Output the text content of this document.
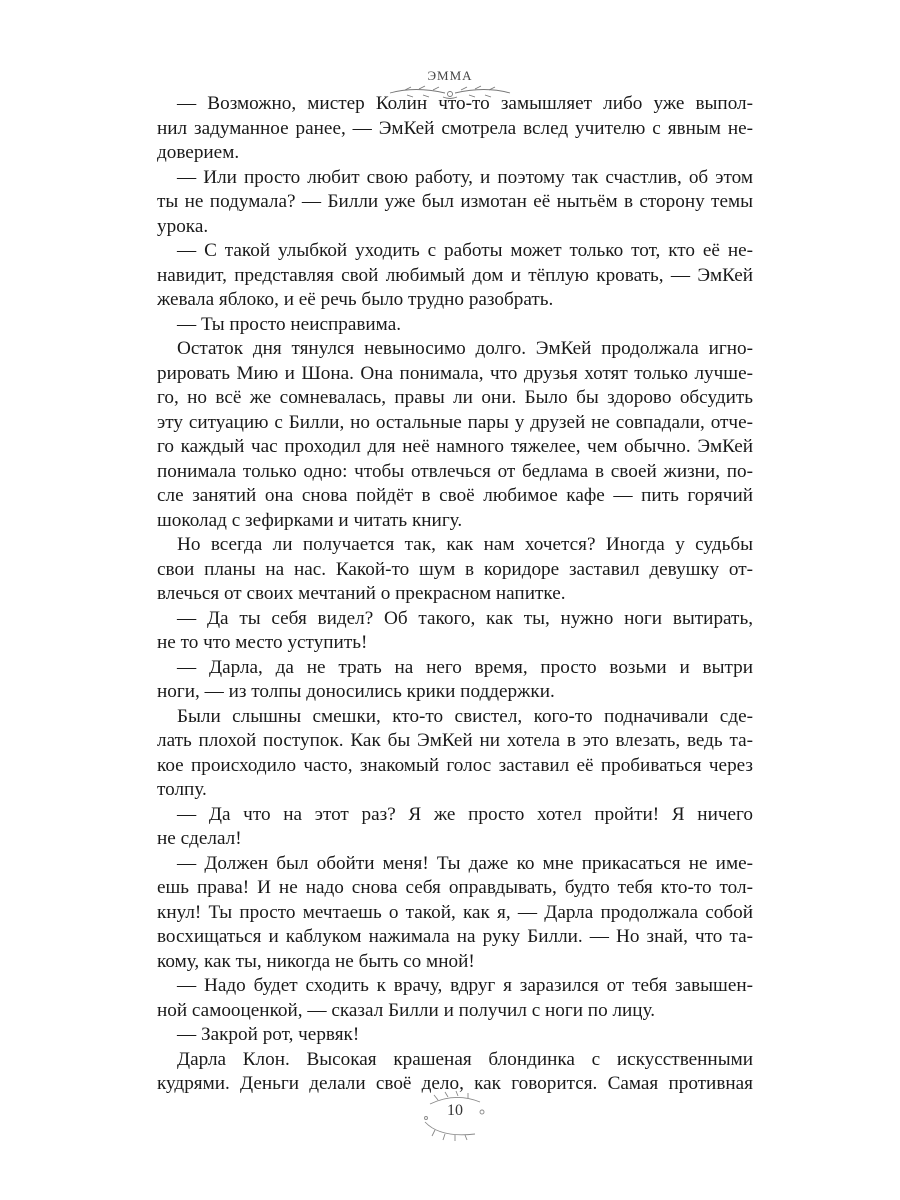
ЭММА
— Возможно, мистер Колин что-то замышляет либо уже выпол-
нил задуманное ранее, — ЭмКей смотрела вслед учителю с явным не-
доверием.
— Или просто любит свою работу, и поэтому так счастлив, об этом
ты не подумала? — Билли уже был измотан её нытьём в сторону темы
урока.
— С такой улыбкой уходить с работы может только тот, кто её не-
навидит, представляя свой любимый дом и тёплую кровать, — ЭмКей
жевала яблоко, и её речь было трудно разобрать.
— Ты просто неисправима.
Остаток дня тянулся невыносимо долго. ЭмКей продолжала игно-
рировать Мию и Шона. Она понимала, что друзья хотят только лучше-
го, но всё же сомневалась, правы ли они. Было бы здорово обсудить
эту ситуацию с Билли, но остальные пары у друзей не совпадали, отче-
го каждый час проходил для неё намного тяжелее, чем обычно. ЭмКей
понимала только одно: чтобы отвлечься от бедлама в своей жизни, по-
сле занятий она снова пойдёт в своё любимое кафе — пить горячий
шоколад с зефирками и читать книгу.
Но всегда ли получается так, как нам хочется? Иногда у судьбы
свои планы на нас. Какой-то шум в коридоре заставил девушку от-
влечься от своих мечтаний о прекрасном напитке.
— Да ты себя видел? Об такого, как ты, нужно ноги вытирать,
не то что место уступить!
— Дарла, да не трать на него время, просто возьми и вытри
ноги, — из толпы доносились крики поддержки.
Были слышны смешки, кто-то свистел, кого-то подначивали сде-
лать плохой поступок. Как бы ЭмКей ни хотела в это влезать, ведь та-
кое происходило часто, знакомый голос заставил её пробиваться через
толпу.
— Да что на этот раз? Я же просто хотел пройти! Я ничего
не сделал!
— Должен был обойти меня! Ты даже ко мне прикасаться не име-
ешь права! И не надо снова себя оправдывать, будто тебя кто-то тол-
кнул! Ты просто мечтаешь о такой, как я, — Дарла продолжала собой
восхищаться и каблуком нажимала на руку Билли. — Но знай, что та-
кому, как ты, никогда не быть со мной!
— Надо будет сходить к врачу, вдруг я заразился от тебя завышен-
ной самооценкой, — сказал Билли и получил с ноги по лицу.
— Закрой рот, червяк!
Дарла Клон. Высокая крашеная блондинка с искусственными
кудрями. Деньги делали своё дело, как говорится. Самая противная
10
